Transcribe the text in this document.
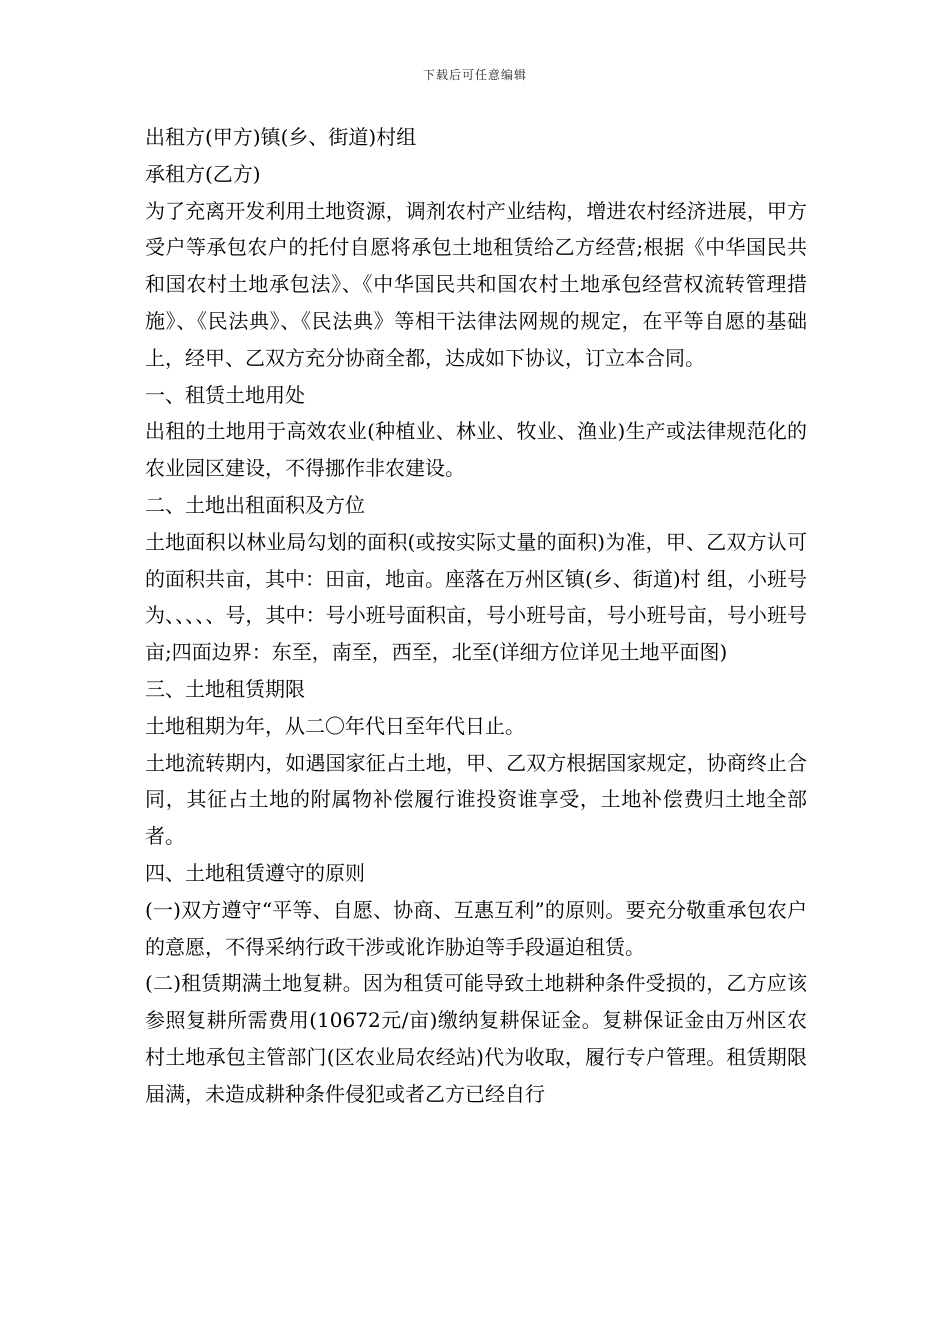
下载后可任意编辑

出租方(甲方)镇(乡、街道)村组

承租方(乙方)

为了充离开发利用土地资源，调剂农村产业结构，增进农村经济进展，甲方受户等承包农户的托付自愿将承包土地租赁给乙方经营;根据《中华国民共和国农村土地承包法》、《中华国民共和国农村土地承包经营权流转管理措施》、《民法典》、《民法典》等相干法律法网规的规定，在平等自愿的基础上，经甲、乙双方充分协商全都，达成如下协议，订立本合同。

一、租赁土地用处

出租的土地用于高效农业(种植业、林业、牧业、渔业)生产或法律规范化的农业园区建设，不得挪作非农建设。

二、土地出租面积及方位

土地面积以林业局勾划的面积(或按实际丈量的面积)为准，甲、乙双方认可的面积共亩，其中：田亩，地亩。座落在万州区镇(乡、街道)村 组，小班号为、、、、、号，其中：号小班号面积亩，号小班号亩，号小班号亩，号小班号亩;四面边界：东至，南至，西至，北至(详细方位详见土地平面图)

三、土地租赁期限

土地租期为年，从二〇年代日至年代日止。

土地流转期内，如遇国家征占土地，甲、乙双方根据国家规定，协商终止合同，其征占土地的附属物补偿履行谁投资谁享受，土地补偿费归土地全部者。

四、土地租赁遵守的原则

(一)双方遵守“平等、自愿、协商、互惠互利”的原则。要充分敬重承包农户的意愿，不得采纳行政干涉或讹诈胁迫等手段逼迫租赁。

(二)租赁期满土地复耕。因为租赁可能导致土地耕种条件受损的，乙方应该参照复耕所需费用(10672元/亩)缴纳复耕保证金。复耕保证金由万州区农村土地承包主管部门(区农业局农经站)代为收取，履行专户管理。租赁期限届满，未造成耕种条件侵犯或者乙方已经自行
